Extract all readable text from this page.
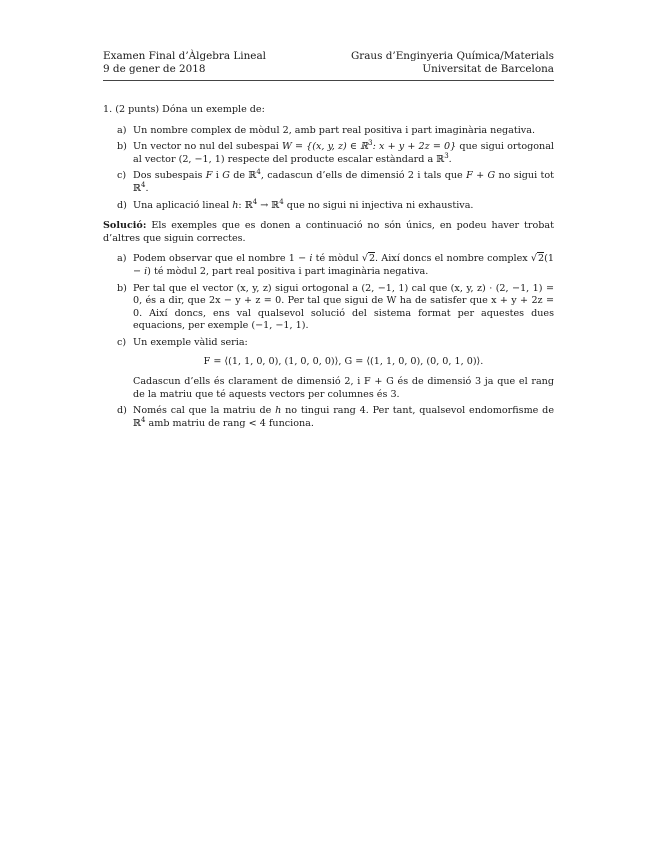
Examen Final d’Àlgebra Lineal
9 de gener de 2018
Graus d’Enginyeria Química/Materials
Universitat de Barcelona

1. (2 punts) Dóna un exemple de:

a) Un nombre complex de mòdul 2, amb part real positiva i part imaginària negativa.
b) Un vector no nul del subespai W = {(x, y, z) ∈ ℝ$^3$: x + y + 2z = 0} que sigui ortogonal al vector (2, −1, 1) respecte del producte escalar estàndard a ℝ$^3$.
c) Dos subespais F i G de ℝ$^4$, cadascun d’ells de dimensió 2 i tals que F + G no sigui tot ℝ$^4$.
d) Una aplicació lineal h: ℝ$^4$ → ℝ$^4$ que no sigui ni injectiva ni exhaustiva.

Solució: Els exemples que es donen a continuació no són únics, en podeu haver trobat d’altres que siguin correctes.

a) Podem observar que el nombre 1 − i té mòdul √2. Així doncs el nombre complex √2(1 − i) té mòdul 2, part real positiva i part imaginària negativa.
b) Per tal que el vector (x, y, z) sigui ortogonal a (2, −1, 1) cal que (x, y, z) · (2, −1, 1) = 0, és a dir, que 2x − y + z = 0. Per tal que sigui de W ha de satisfer que x + y + 2z = 0. Així doncs, ens val qualsevol solució del sistema format per aquestes dues equacions, per exemple (−1, −1, 1).
c) Un exemple vàlid seria:

F = ⟨(1, 1, 0, 0), (1, 0, 0, 0)⟩, G = ⟨(1, 1, 0, 0), (0, 0, 1, 0)⟩.

Cadascun d’ells és clarament de dimensió 2, i F + G és de dimensió 3 ja que el rang de la matriu que té aquests vectors per columnes és 3.

d) Només cal que la matriu de h no tingui rang 4. Per tant, qualsevol endomorfisme de ℝ$^4$ amb matriu de rang < 4 funciona.
